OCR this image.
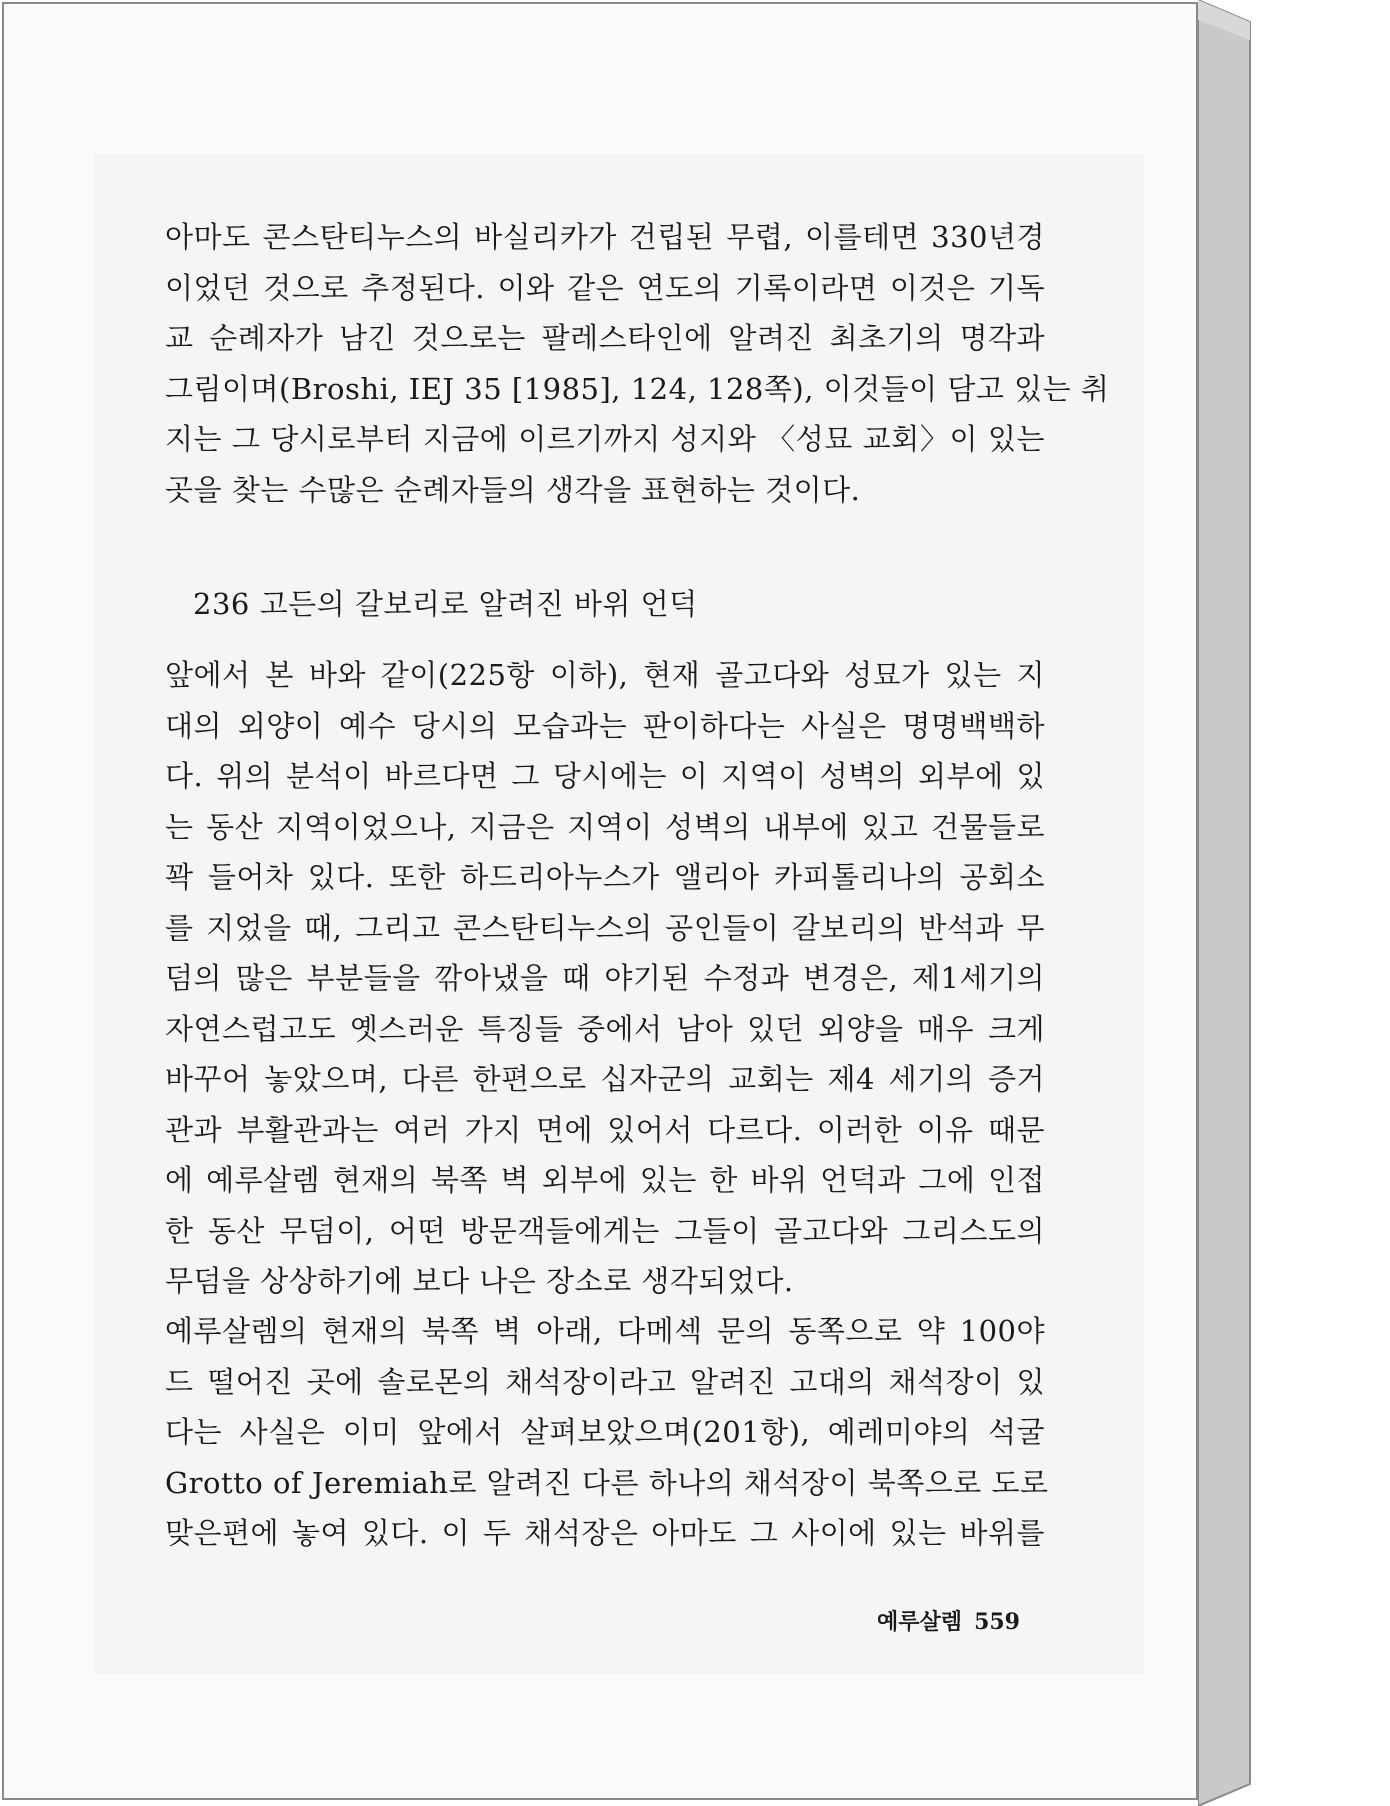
아마도 콘스탄티누스의 바실리카가 건립된 무렵, 이를테면 330년경
이었던 것으로 추정된다. 이와 같은 연도의 기록이라면 이것은 기독
교 순례자가 남긴 것으로는 팔레스타인에 알려진 최초기의 명각과
그림이며(Broshi, IEJ 35 [1985], 124, 128쪽), 이것들이 담고 있는 취
지는 그 당시로부터 지금에 이르기까지 성지와 〈성묘 교회〉이 있는
곳을 찾는 수많은 순례자들의 생각을 표현하는 것이다.
236 고든의 갈보리로 알려진 바위 언덕
앞에서 본 바와 같이(225항 이하), 현재 골고다와 성묘가 있는 지
대의 외양이 예수 당시의 모습과는 판이하다는 사실은 명명백백하
다. 위의 분석이 바르다면 그 당시에는 이 지역이 성벽의 외부에 있
는 동산 지역이었으나, 지금은 지역이 성벽의 내부에 있고 건물들로
꽉 들어차 있다. 또한 하드리아누스가 앨리아 카피톨리나의 공회소
를 지었을 때, 그리고 콘스탄티누스의 공인들이 갈보리의 반석과 무
덤의 많은 부분들을 깎아냈을 때 야기된 수정과 변경은, 제1세기의
자연스럽고도 옛스러운 특징들 중에서 남아 있던 외양을 매우 크게
바꾸어 놓았으며, 다른 한편으로 십자군의 교회는 제4 세기의 증거
관과 부활관과는 여러 가지 면에 있어서 다르다. 이러한 이유 때문
에 예루살렘 현재의 북쪽 벽 외부에 있는 한 바위 언덕과 그에 인접
한 동산 무덤이, 어떤 방문객들에게는 그들이 골고다와 그리스도의
무덤을 상상하기에 보다 나은 장소로 생각되었다.
예루살렘의 현재의 북쪽 벽 아래, 다메섹 문의 동쪽으로 약 100야
드 떨어진 곳에 솔로몬의 채석장이라고 알려진 고대의 채석장이 있
다는 사실은 이미 앞에서 살펴보았으며(201항), 예레미야의 석굴
Grotto of Jeremiah로 알려진 다른 하나의 채석장이 북쪽으로 도로
맞은편에 놓여 있다. 이 두 채석장은 아마도 그 사이에 있는 바위를
예루살렘 559
